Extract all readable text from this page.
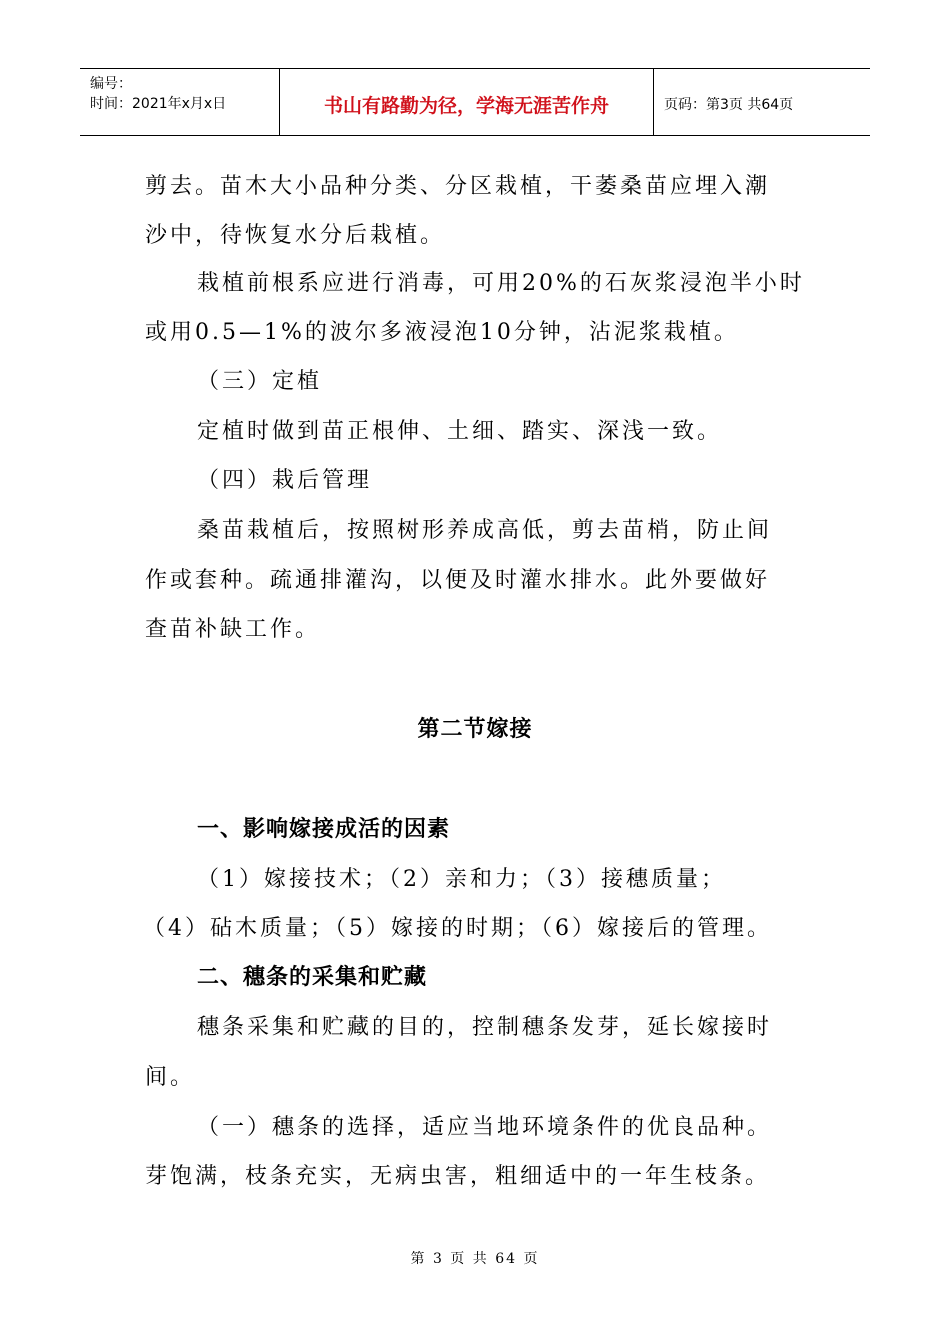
编号：
时间：2021年x月x日	书山有路勤为径，学海无涯苦作舟	页码：第3页 共64页

剪去。苗木大小品种分类、分区栽植，干萎桑苗应埋入潮

沙中，待恢复水分后栽植。

栽植前根系应进行消毒，可用20%的石灰浆浸泡半小时

或用0.5—1%的波尔多液浸泡10分钟，沾泥浆栽植。

（三）定植

定植时做到苗正根伸、土细、踏实、深浅一致。

（四）栽后管理

桑苗栽植后，按照树形养成高低，剪去苗梢，防止间

作或套种。疏通排灌沟，以便及时灌水排水。此外要做好

查苗补缺工作。

第二节嫁接

一、影响嫁接成活的因素

（1）嫁接技术；（2）亲和力；（3）接穗质量；

（4）砧木质量；（5）嫁接的时期；（6）嫁接后的管理。

二、穗条的采集和贮藏

穗条采集和贮藏的目的，控制穗条发芽，延长嫁接时

间。

（一）穗条的选择，适应当地环境条件的优良品种。

芽饱满，枝条充实，无病虫害，粗细适中的一年生枝条。

第 3 页 共 64 页
